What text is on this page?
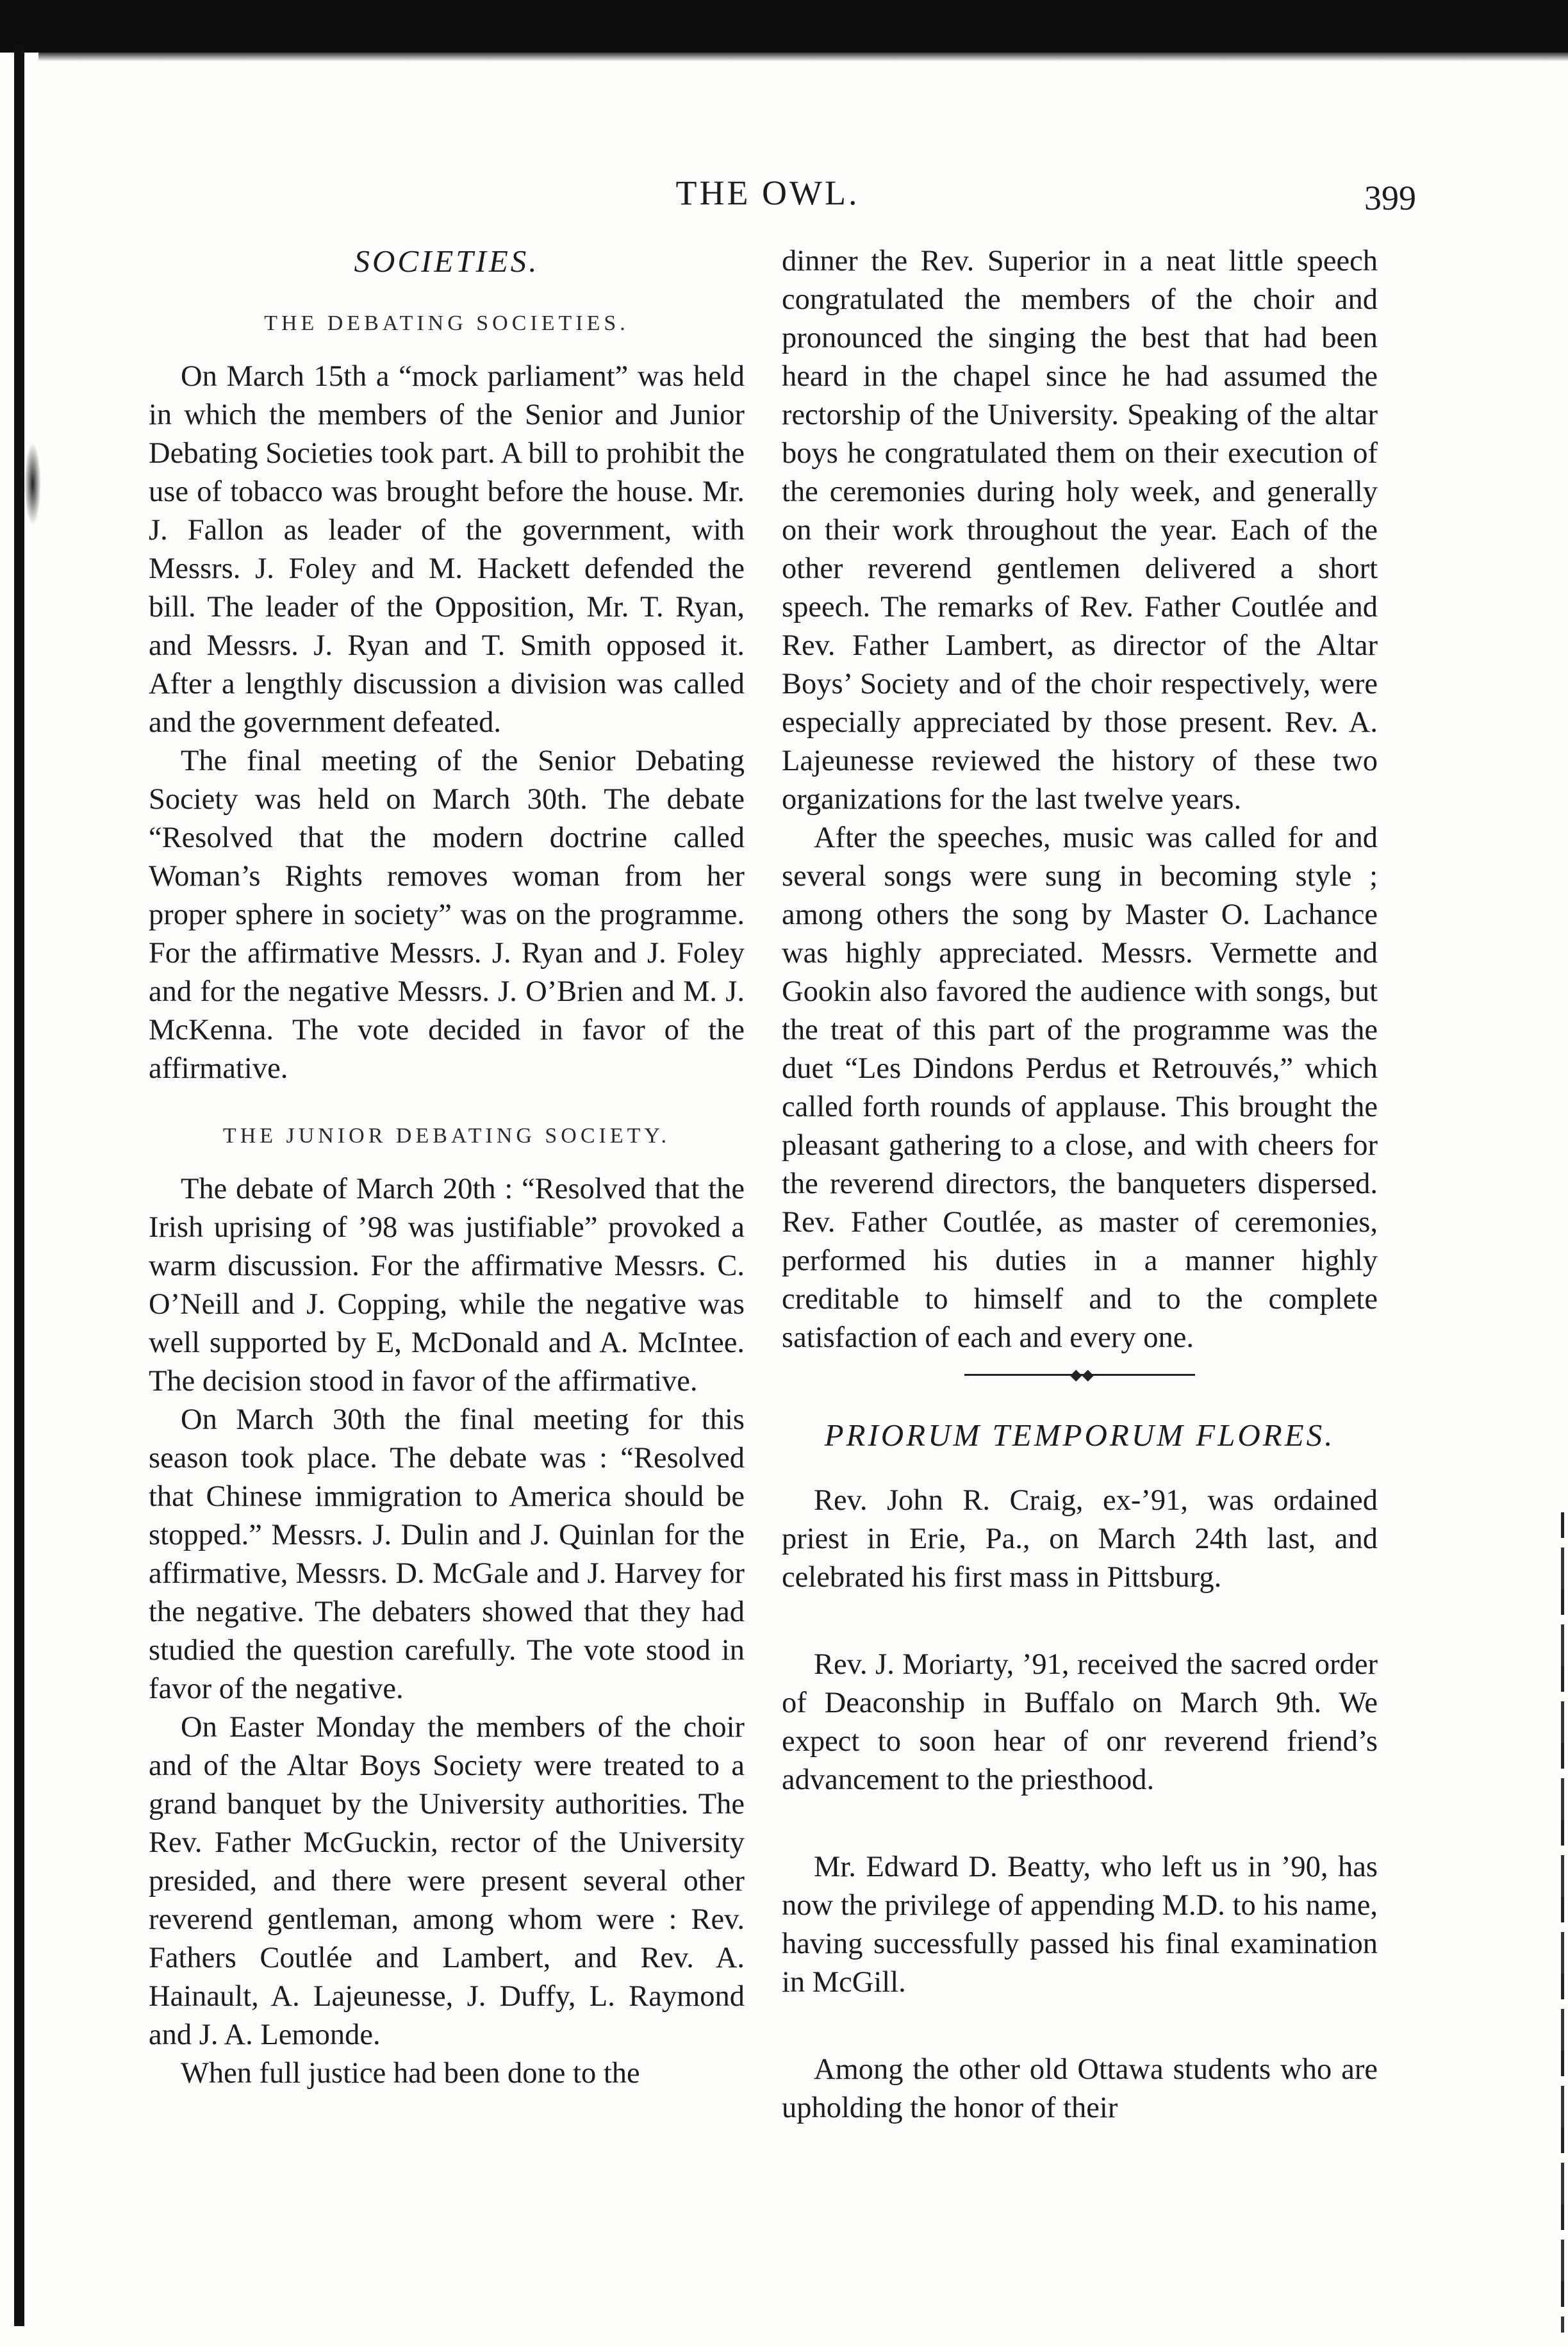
THE OWL.	399
SOCIETIES.
THE DEBATING SOCIETIES.

On March 15th a “mock parliament” was held in which the members of the Senior and Junior Debating Societies took part. A bill to prohibit the use of tobacco was brought before the house. Mr. J. Fallon as leader of the government, with Messrs. J. Foley and M. Hackett defended the bill. The leader of the Opposition, Mr. T. Ryan, and Messrs. J. Ryan and T. Smith opposed it. After a lengthly discussion a division was called and the government defeated.

The final meeting of the Senior Debating Society was held on March 30th. The debate “Resolved that the modern doctrine called Woman’s Rights removes woman from her proper sphere in society” was on the programme. For the affirmative Messrs. J. Ryan and J. Foley and for the negative Messrs. J. O’Brien and M. J. McKenna. The vote decided in favor of the affirmative.

THE JUNIOR DEBATING SOCIETY.

The debate of March 20th : “Resolved that the Irish uprising of ’98 was justifiable” provoked a warm discussion. For the affirmative Messrs. C. O’Neill and J. Copping, while the negative was well supported by E, McDonald and A. McIntee. The decision stood in favor of the affirmative.

On March 30th the final meeting for this season took place. The debate was : “Resolved that Chinese immigration to America should be stopped.” Messrs. J. Dulin and J. Quinlan for the affirmative, Messrs. D. McGale and J. Harvey for the negative. The debaters showed that they had studied the question carefully. The vote stood in favor of the negative.

On Easter Monday the members of the choir and of the Altar Boys Society were treated to a grand banquet by the University authorities. The Rev. Father McGuckin, rector of the University presided, and there were present several other reverend gentleman, among whom were : Rev. Fathers Coutlée and Lambert, and Rev. A. Hainault, A. Lajeunesse, J. Duffy, L. Raymond and J. A. Lemonde.

When full justice had been done to the

dinner the Rev. Superior in a neat little speech congratulated the members of the choir and pronounced the singing the best that had been heard in the chapel since he had assumed the rectorship of the University. Speaking of the altar boys he congratulated them on their execution of the ceremonies during holy week, and generally on their work throughout the year. Each of the other reverend gentlemen delivered a short speech. The remarks of Rev. Father Coutlée and Rev. Father Lambert, as director of the Altar Boys’ Society and of the choir respectively, were especially appreciated by those present. Rev. A. Lajeunesse reviewed the history of these two organizations for the last twelve years.

After the speeches, music was called for and several songs were sung in becoming style ; among others the song by Master O. Lachance was highly appreciated. Messrs. Vermette and Gookin also favored the audience with songs, but the treat of this part of the programme was the duet “Les Dindons Perdus et Retrouvés,” which called forth rounds of applause. This brought the pleasant gathering to a close, and with cheers for the reverend directors, the banqueters dispersed. Rev. Father Coutlée, as master of ceremonies, performed his duties in a manner highly creditable to himself and to the complete satisfaction of each and every one.

◆◆
PRIORUM TEMPORUM FLORES.

Rev. John R. Craig, ex-’91, was ordained priest in Erie, Pa., on March 24th last, and celebrated his first mass in Pittsburg.

Rev. J. Moriarty, ’91, received the sacred order of Deaconship in Buffalo on March 9th. We expect to soon hear of onr reverend friend’s advancement to the priesthood.

Mr. Edward D. Beatty, who left us in ’90, has now the privilege of appending M.D. to his name, having successfully passed his final examination in McGill.

Among the other old Ottawa students who are upholding the honor of their
